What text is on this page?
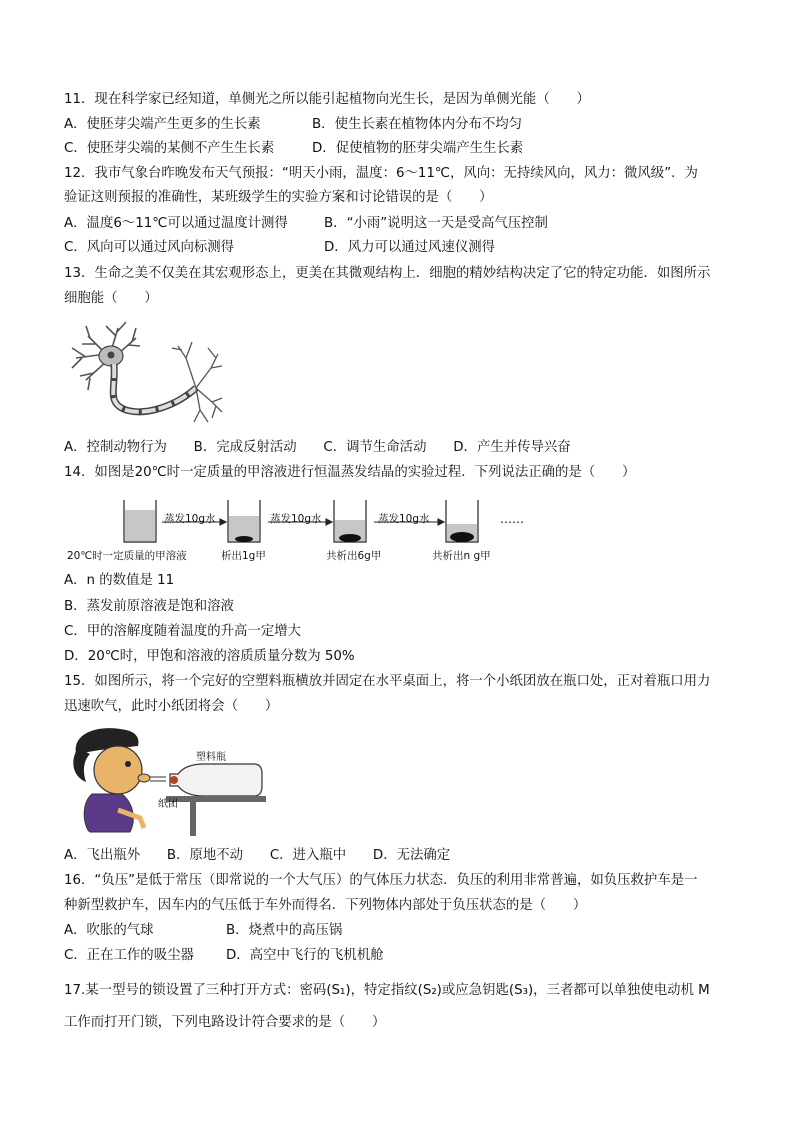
11．现在科学家已经知道，单侧光之所以能引起植物向光生长，是因为单侧光能（　　）
A．使胚芽尖端产生更多的生长素	B．使生长素在植物体内分布不均匀
C．使胚芽尖端的某侧不产生生长素	D．促使植物的胚芽尖端产生生长素
12．我市气象台昨晚发布天气预报：“明天小雨，温度：6～11℃，风向：无持续风向，风力：微风级”．为
验证这则预报的准确性，某班级学生的实验方案和讨论错误的是（　　）
A．温度6～11℃可以通过温度计测得	B．“小雨”说明这一天是受高气压控制
C．风向可以通过风向标测得	D．风力可以通过风速仪测得
13．生命之美不仅美在其宏观形态上，更美在其微观结构上．细胞的精妙结构决定了它的特定功能．如图所示
细胞能（　　）
A．控制动物行为　　B．完成反射活动　　C．调节生命活动　　D．产生并传导兴奋
14．如图是20℃时一定质量的甲溶液进行恒温蒸发结晶的实验过程．下列说法正确的是（　　）
蒸发10g水	蒸发10g水	蒸发10g水	……
20℃时一定质量的甲溶液	析出1g甲	共析出6g甲	共析出n g甲
A．n 的数值是 11
B．蒸发前原溶液是饱和溶液
C．甲的溶解度随着温度的升高一定增大
D．20℃时，甲饱和溶液的溶质质量分数为 50%
15．如图所示，将一个完好的空塑料瓶横放并固定在水平桌面上，将一个小纸团放在瓶口处，正对着瓶口用力
迅速吹气，此时小纸团将会（　　）
塑料瓶
纸团
A．飞出瓶外　　B．原地不动　　C．进入瓶中　　D．无法确定
16．“负压”是低于常压（即常说的一个大气压）的气体压力状态．负压的利用非常普遍，如负压救护车是一
种新型救护车，因车内的气压低于车外而得名．下列物体内部处于负压状态的是（　　）
A．吹胀的气球	B．烧煮中的高压锅
C．正在工作的吸尘器 D．高空中飞行的飞机机舱
17.某一型号的锁设置了三种打开方式：密码(S₁)，特定指纹(S₂)或应急钥匙(S₃)，三者都可以单独使电动机 M
工作而打开门锁，下列电路设计符合要求的是（　　）
